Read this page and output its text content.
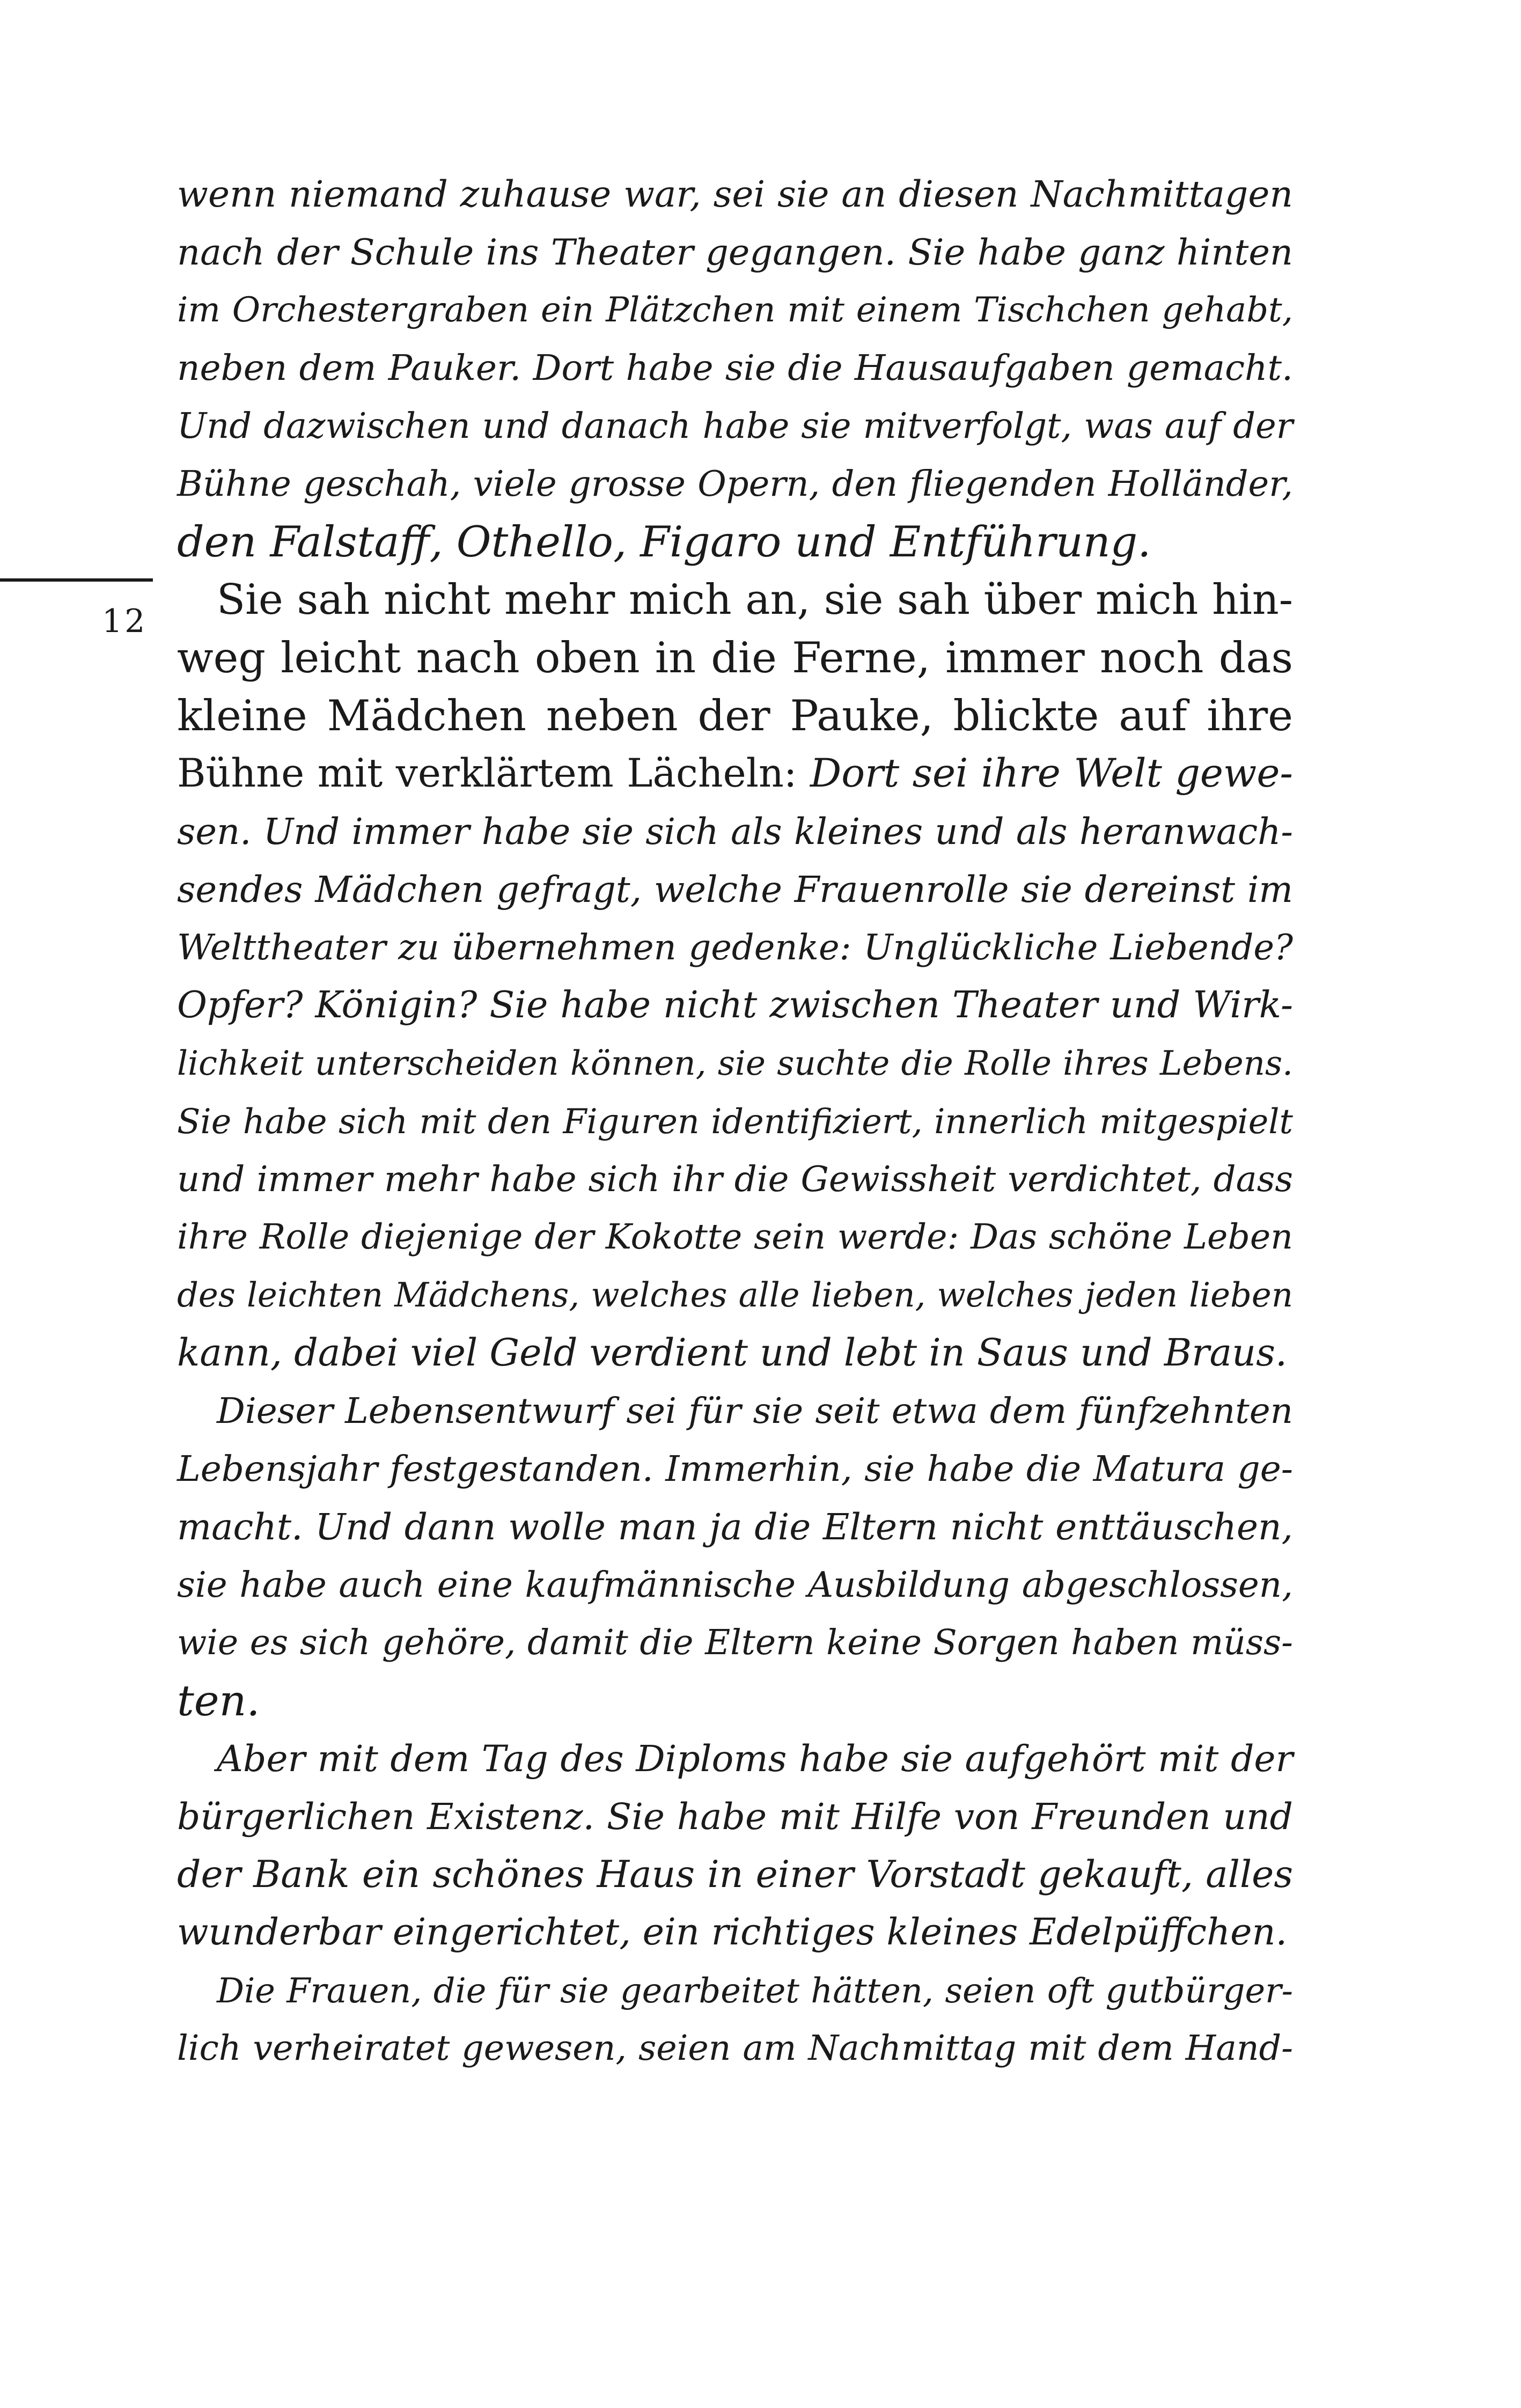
12
wenn niemand zuhause war, sei sie an diesen Nachmittagen
nach der Schule ins Theater gegangen. Sie habe ganz hinten
im Orchestergraben ein Plätzchen mit einem Tischchen gehabt,
neben dem Pauker. Dort habe sie die Hausaufgaben gemacht.
Und dazwischen und danach habe sie mitverfolgt, was auf der
Bühne geschah, viele grosse Opern, den fliegenden Holländer,
den Falstaff, Othello, Figaro und Entführung.
Sie sah nicht mehr mich an, sie sah über mich hin-
weg leicht nach oben in die Ferne, immer noch das
kleine Mädchen neben der Pauke, blickte auf ihre
Bühne mit verklärtem Lächeln: Dort sei ihre Welt gewe-
sen. Und immer habe sie sich als kleines und als heranwach-
sendes Mädchen gefragt, welche Frauenrolle sie dereinst im
Welttheater zu übernehmen gedenke: Unglückliche Liebende?
Opfer? Königin? Sie habe nicht zwischen Theater und Wirk-
lichkeit unterscheiden können, sie suchte die Rolle ihres Lebens.
Sie habe sich mit den Figuren identifiziert, innerlich mitgespielt
und immer mehr habe sich ihr die Gewissheit verdichtet, dass
ihre Rolle diejenige der Kokotte sein werde: Das schöne Leben
des leichten Mädchens, welches alle lieben, welches jeden lieben
kann, dabei viel Geld verdient und lebt in Saus und Braus.
Dieser Lebensentwurf sei für sie seit etwa dem fünfzehnten
Lebensjahr festgestanden. Immerhin, sie habe die Matura ge-
macht. Und dann wolle man ja die Eltern nicht enttäuschen,
sie habe auch eine kaufmännische Ausbildung abgeschlossen,
wie es sich gehöre, damit die Eltern keine Sorgen haben müss-
ten.
Aber mit dem Tag des Diploms habe sie aufgehört mit der
bürgerlichen Existenz. Sie habe mit Hilfe von Freunden und
der Bank ein schönes Haus in einer Vorstadt gekauft, alles
wunderbar eingerichtet, ein richtiges kleines Edelpüffchen.
Die Frauen, die für sie gearbeitet hätten, seien oft gutbürger-
lich verheiratet gewesen, seien am Nachmittag mit dem Hand-
